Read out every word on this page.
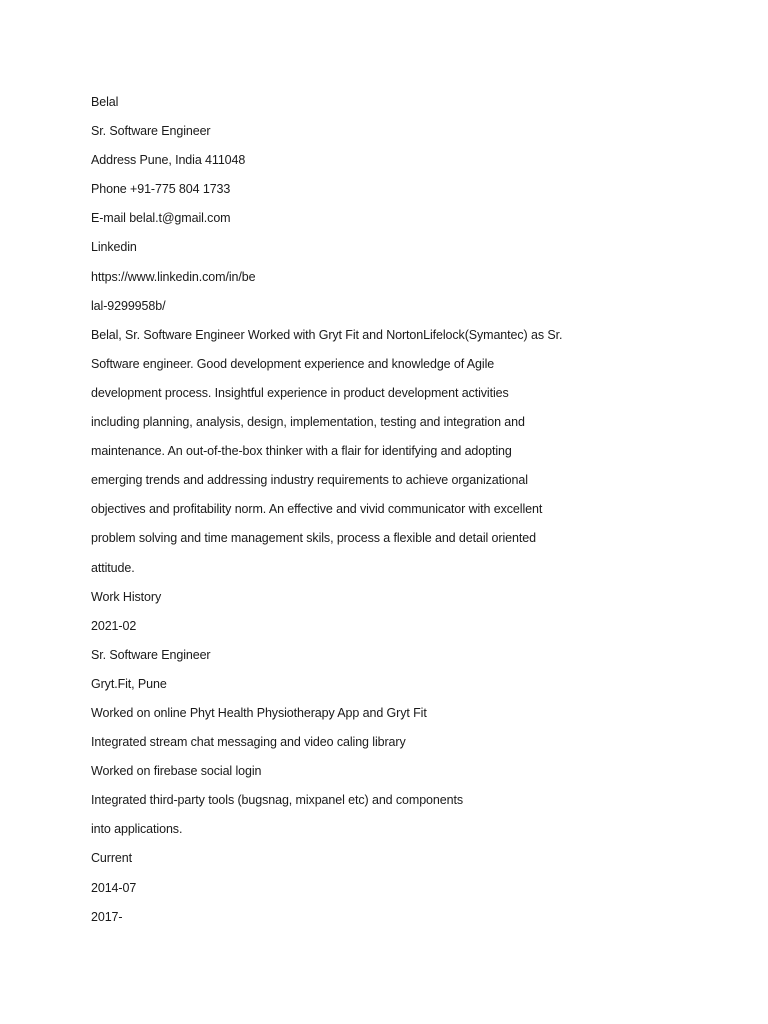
Belal
Sr. Software Engineer
Address Pune, India 411048
Phone +91-775 804 1733
E-mail belal.t@gmail.com
Linkedin
https://www.linkedin.com/in/be
lal-9299958b/
Belal, Sr. Software Engineer Worked with Gryt Fit and NortonLifelock(Symantec) as Sr.
Software engineer. Good development experience and knowledge of Agile
development process. Insightful experience in product development activities
including planning, analysis, design, implementation, testing and integration and
maintenance. An out-of-the-box thinker with a flair for identifying and adopting
emerging trends and addressing industry requirements to achieve organizational
objectives and profitability norm. An effective and vivid communicator with excellent
problem solving and time management skils, process a flexible and detail oriented
attitude.
Work History
2021-02
Sr. Software Engineer
Gryt.Fit, Pune
Worked on online Phyt Health Physiotherapy App and Gryt Fit
Integrated stream chat messaging and video caling library
Worked on firebase social login
Integrated third-party tools (bugsnag, mixpanel etc) and components
into applications.
Current
2014-07
2017-
